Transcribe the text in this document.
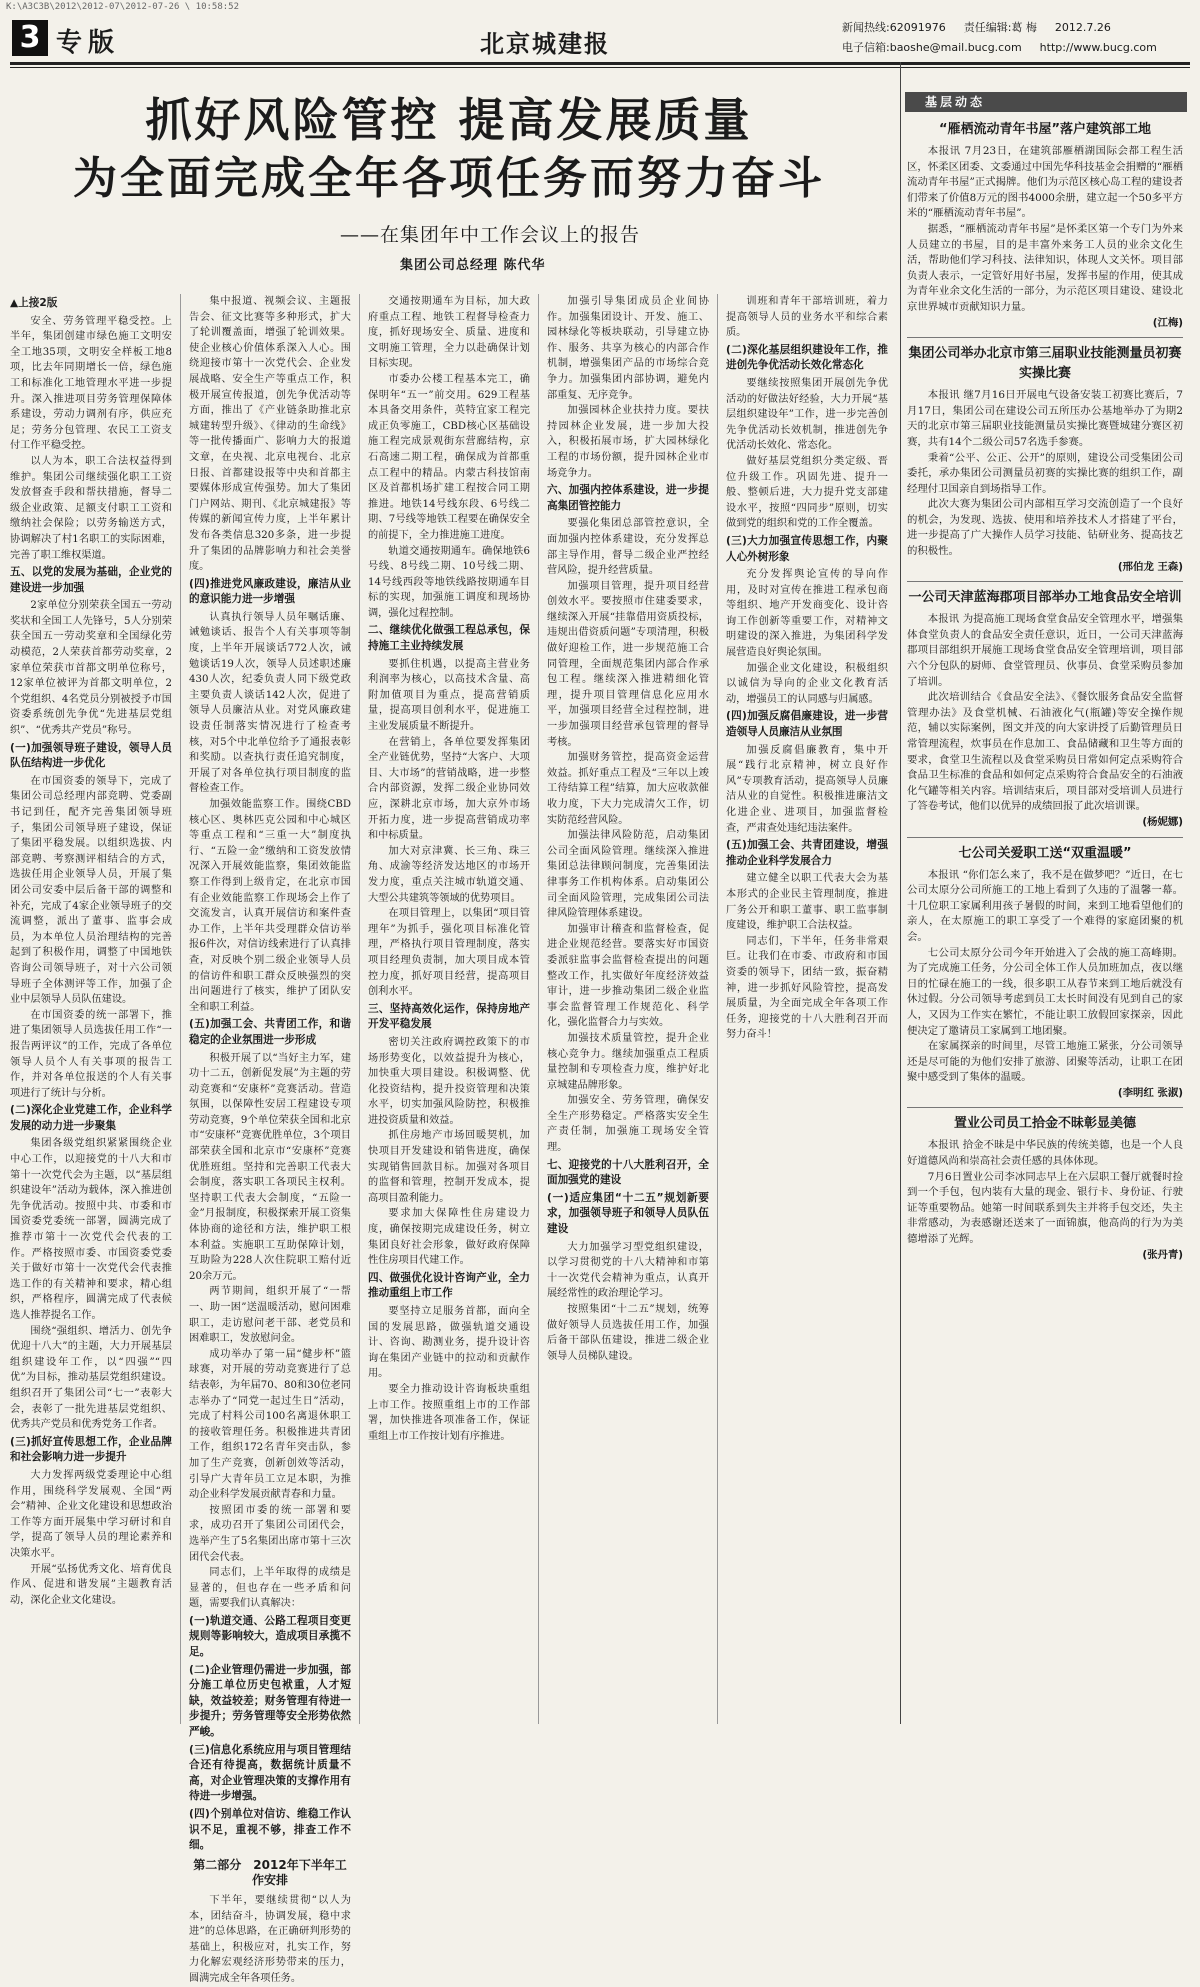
K:\A3C3B\2012\2012-07\2012-07-26 \ 10:58:52
3 专版	北京城建报
新闻热线:62091976 责任编辑:葛 梅 2012.7.26
电子信箱:baoshe@mail.bucg.com http://www.bucg.com
抓好风险管控 提高发展质量
为全面完成全年各项任务而努力奋斗
——在集团年中工作会议上的报告
集团公司总经理 陈代华
▲上接2版

安全、劳务管理平稳受控。上半年，集团创建市绿色施工文明安全工地35项，文明安全样板工地8项，比去年同期增长一倍，绿色施工和标准化工地管理水平进一步提升。深入推进项目劳务管理保障体系建设，劳动力调剂有序，供应充足；劳务分包管理、农民工工资支付工作平稳受控。

以人为本，职工合法权益得到维护。集团公司继续强化职工工资发放督查手段和帮扶措施，督导二级企业政策、足额支付职工工资和缴纳社会保险；以劳务输送方式，协调解决了村1名职工的实际困难，完善了职工维权渠道。

五、以党的发展为基础，企业党的建设进一步加强

2家单位分别荣获全国五一劳动奖状和全国工人先锋号，5人分别荣获全国五一劳动奖章和全国绿化劳动模范，2人荣获首都劳动奖章，2家单位荣获市首都文明单位称号，12家单位被评为首都文明单位，2个党组织、4名党员分别被授予市国资委系统创先争优“先进基层党组织”、“优秀共产党员”称号。

(一)加强领导班子建设，领导人员队伍结构进一步优化

在市国资委的领导下，完成了集团公司总经理内部竞聘、党委副书记到任，配齐完善集团领导班子，集团公司领导班子建设，保证了集团平稳发展。以组织选拔、内部竞聘、考察测评相结合的方式，选拔任用企业领导人员，开展了集团公司安委中层后备干部的调整和补充，完成了4家企业领导班子的交流调整，派出了董事、监事会成员，为本单位人员治理结构的完善起到了积极作用，调整了中国地铁咨询公司领导班子，对十六公司领导班子全体测评等工作，加强了企业中层领导人员队伍建设。

在市国资委的统一部署下，推进了集团领导人员选拔任用工作“一报告两评议”的工作，完成了各单位领导人员个人有关事项的报告工作，并对各单位报送的个人有关事项进行了统计与分析。

(二)深化企业党建工作，企业科学发展的动力进一步聚集

集团各级党组织紧紧围绕企业中心工作，以迎接党的十八大和市第十一次党代会为主题，以“基层组织建设年”活动为载体，深入推进创先争优活动。按照中共、市委和市国资委党委统一部署，圆满完成了推荐市第十一次党代会代表的工作。严格按照市委、市国资委党委关于做好市第十一次党代会代表推选工作的有关精神和要求，精心组织，严格程序，圆满完成了代表候选人推荐提名工作。

围绕“强组织、增活力、创先争优迎十八大”的主题，大力开展基层组织建设年工作，以“四强”“四优”为目标，推动基层党组织建设。组织召开了集团公司“七一”表彰大会，表彰了一批先进基层党组织、优秀共产党员和优秀党务工作者。

(三)抓好宣传思想工作，企业品牌和社会影响力进一步提升

大力发挥两级党委理论中心组作用，围绕科学发展观、全国“两会”精神、企业文化建设和思想政治工作等方面开展集中学习研讨和自学，提高了领导人员的理论素养和决策水平。

开展“弘扬优秀文化、培育优良作风、促进和谐发展”主题教育活动，深化企业文化建设。

集中报道、视频会议、主题报告会、征文比赛等多种形式，扩大了轮训覆盖面，增强了轮训效果。使企业核心价值体系深入人心。围绕迎接市第十一次党代会、企业发展战略、安全生产等重点工作，积极开展宣传报道，创先争优活动等方面，推出了《产业链条助推北京城建转型升级》、《律动的生命线》等一批传播面广、影响力大的报道文章，在央视、北京电视台、北京日报、首都建设报等中央和首都主要媒体形成宣传强势。加大了集团门户网站、期刊、《北京城建报》等传媒的新闻宣传力度，上半年累计发布各类信息320多条，进一步提升了集团的品牌影响力和社会美誉度。

(四)推进党风廉政建设，廉洁从业的意识能力进一步增强

认真执行领导人员年嘱话廉、诫勉谈话、报告个人有关事项等制度，上半年开展谈话772人次，诫勉谈话19人次，领导人员述职述廉430人次，纪委负责人同下级党政主要负责人谈话142人次，促进了领导人员廉洁从业。对党风廉政建设责任制落实情况进行了检查考核，对5个中北单位给予了通报表彰和奖励。以查执行责任追究制度，开展了对各单位执行项目制度的监督检查工作。

加强效能监察工作。围绕CBD核心区、奥林匹克公园和中心城区等重点工程和“三重一大”制度执行、“五险一金”缴纳和工资发放情况深入开展效能监察，集团效能监察工作得到上级肯定，在北京市国有企业效能监察工作现场会上作了交流发言，认真开展信访和案件查办工作，上半年共受理群众信访举报6件次，对信访线索进行了认真排查，对反映个别二级企业领导人员的信访件和职工群众反映强烈的突出问题进行了核实，维护了团队安全和职工利益。

(五)加强工会、共青团工作，和谐稳定的企业氛围进一步形成

积极开展了以“当好主力军，建功十二五，创新促发展”为主题的劳动竞赛和“安康杯”竞赛活动。营造氛围，以保障性安居工程建设专项劳动竞赛，9个单位荣获全国和北京市“安康杯”竞赛优胜单位，3个项目部荣获全国和北京市“安康杯”竞赛优胜班组。坚持和完善职工代表大会制度，落实职工各项民主权利。坚持职工代表大会制度，“五险一金”月报制度，积极探索开展工资集体协商的途径和方法，维护职工根本利益。实施职工互助保障计划，互助险为228人次住院职工赔付近20余万元。

两节期间，组织开展了“一帮一、助一困”送温暖活动，慰问困难职工，走访慰问老干部、老党员和困难职工，发放慰问金。

成功举办了第一届“健步杯”篮球赛，对开展的劳动竞赛进行了总结表彰，为年届70、80和30位老同志举办了“同党一起过生日”活动，完成了村料公司100名离退休职工的接收管理任务。积极推进共青团工作，组织172名青年突击队，参加了生产竞赛，创新创效等活动，引导广大青年员工立足本职，为推动企业科学发展贡献青春和力量。

按照团市委的统一部署和要求，成功召开了集团公司团代会，选举产生了5名集团出席市第十三次团代会代表。

同志们，上半年取得的成绩是显著的，但也存在一些矛盾和问题，需要我们认真解决：

(一)轨道交通、公路工程项目变更规则等影响较大，造成项目承揽不足。
(二)企业管理仍需进一步加强，部分施工单位历史包袱重，人才短缺，效益较差；财务管理有待进一步提升；劳务管理等安全形势依然严峻。
(三)信息化系统应用与项目管理结合还有待提高，数据统计质量不高，对企业管理决策的支撑作用有待进一步增强。
(四)个别单位对信访、维稳工作认识不足，重视不够，排查工作不细。
第二部分　2012年下半年工作安排

下半年，要继续贯彻“以人为本，团结奋斗，协调发展，稳中求进”的总体思路，在正确研判形势的基础上，积极应对，扎实工作，努力化解宏观经济形势带来的压力，圆满完成全年各项任务。

交通按期通车为目标，加大政府重点工程、地铁工程督导检查力度，抓好现场安全、质量、进度和文明施工管理，全力以赴确保计划目标实现。

市委办公楼工程基本完工，确保明年“五一”前交用。629工程基本具备交用条件，英特宜家工程完成正负零施工，CBD核心区基础设施工程完成景观街东营廊结构，京石高速二期工程，确保成为首都重点工程中的精品。内蒙古科技馆南区及首都机场扩建工程按合同工期推进。地铁14号线东段、6号线二期、7号线等地铁工程要在确保安全的前提下，全力推进施工进度。

轨道交通按期通车。确保地铁6号线、8号线二期、10号线二期、14号线西段等地铁线路按期通车目标的实现，加强施工调度和现场协调，强化过程控制。

二、继续优化做强工程总承包，保持施工主业持续发展

要抓住机遇，以提高主营业务利润率为核心，以高技术含量、高附加值项目为重点，提高营销质量，提高项目创利水平，促进施工主业发展质量不断提升。

在营销上，各单位要发挥集团全产业链优势，坚持“大客户、大项目、大市场”的营销战略，进一步整合内部资源，发挥二级企业协同效应，深耕北京市场，加大京外市场开拓力度，进一步提高营销成功率和中标质量。

加大对京津冀、长三角、珠三角、成渝等经济发达地区的市场开发力度，重点关注城市轨道交通、大型公共建筑等领域的优势项目。

在项目管理上，以集团“项目管理年”为抓手，强化项目标准化管理，严格执行项目管理制度，落实项目经理负责制，加大项目成本管控力度，抓好项目经营，提高项目创利水平。

三、坚持高效化运作，保持房地产开发平稳发展

密切关注政府调控政策下的市场形势变化，以效益提升为核心，加快重大项目建设。积极调整、优化投资结构，提升投资管理和决策水平，切实加强风险防控，积极推进投资质量和效益。

抓住房地产市场回暖契机，加快项目开发建设和销售进度，确保实现销售回款目标。加强对各项目的监督和管理，控制开发成本，提高项目盈利能力。

要求加大保障性住房建设力度，确保按期完成建设任务，树立集团良好社会形象，做好政府保障性住房项目代建工作。

四、做强优化设计咨询产业，全力推动重组上市工作

要坚持立足服务首都，面向全国的发展思路，做强轨道交通设计、咨询、勘测业务，提升设计咨询在集团产业链中的拉动和贡献作用。

要全力推动设计咨询板块重组上市工作。按照重组上市的工作部署，加快推进各项准备工作，保证重组上市工作按计划有序推进。

加强引导集团成员企业间协作。加强集团设计、开发、施工、园林绿化等板块联动，引导建立协作、服务、共享为核心的内部合作机制，增强集团产品的市场综合竞争力。加强集团内部协调，避免内部重复、无序竞争。

加强园林企业扶持力度。要扶持园林企业发展，进一步加大投入，积极拓展市场，扩大园林绿化工程的市场份额，提升园林企业市场竞争力。

六、加强内控体系建设，进一步提高集团管控能力

要强化集团总部管控意识，全面加强内控体系建设，充分发挥总部主导作用，督导二级企业严控经营风险，提升经营质量。

加强项目管理，提升项目经营创效水平。要按照市住建委要求，继续深入开展“挂靠借用资质投标，违规出借资质问题”专项清理，积极做好迎检工作，进一步规范施工合同管理，全面规范集团内部合作承包工程。继续深入推进精细化管理，提升项目管理信息化应用水平，加强项目经营全过程控制，进一步加强项目经营承包管理的督导考核。

加强财务管控，提高资金运营效益。抓好重点工程及“三年以上竣工待结算工程”结算，加大应收款催收力度，下大力完成清欠工作，切实防范经营风险。

加强法律风险防范，启动集团公司全面风险管理。继续深入推进集团总法律顾问制度，完善集团法律事务工作机构体系。启动集团公司全面风险管理，完成集团公司法律风险管理体系建设。

加强审计稽查和监督检查，促进企业规范经营。要落实好市国资委派驻监事会监督检查提出的问题整改工作，扎实做好年度经济效益审计，进一步推动集团二级企业监事会监督管理工作规范化、科学化，强化监督合力与实效。

加强技术质量管控，提升企业核心竞争力。继续加强重点工程质量控制和专项检查力度，维护好北京城建品牌形象。

加强安全、劳务管理，确保安全生产形势稳定。严格落实安全生产责任制，加强施工现场安全管理。

七、迎接党的十八大胜利召开，全面加强党的建设
(一)适应集团“十二五”规划新要求，加强领导班子和领导人员队伍建设

大力加强学习型党组织建设，以学习贯彻党的十八大精神和市第十一次党代会精神为重点，认真开展经常性的政治理论学习。

按照集团“十二五”规划，统筹做好领导人员选拔任用工作，加强后备干部队伍建设，推进二级企业领导人员梯队建设。

训班和青年干部培训班，着力提高领导人员的业务水平和综合素质。

(二)深化基层组织建设年工作，推进创先争优活动长效化常态化

要继续按照集团开展创先争优活动的好做法好经验，大力开展“基层组织建设年”工作，进一步完善创先争优活动长效机制，推进创先争优活动长效化、常态化。

做好基层党组织分类定级、晋位升级工作。巩固先进、提升一般、整顿后进，大力提升党支部建设水平，按照“四同步”原则，切实做到党的组织和党的工作全覆盖。

(三)大力加强宣传思想工作，内聚人心外树形象

充分发挥舆论宣传的导向作用，及时对宣传在推进工程承包商等组织、地产开发商变化、设计咨询工作创新等重要工作，对精神文明建设的深入推进，为集团科学发展营造良好舆论氛围。

加强企业文化建设，积极组织以诚信为导向的企业文化教育活动，增强员工的认同感与归属感。

(四)加强反腐倡廉建设，进一步营造领导人员廉洁从业氛围

加强反腐倡廉教育，集中开展“践行北京精神，树立良好作风”专项教育活动，提高领导人员廉洁从业的自觉性。积极推进廉洁文化进企业、进项目，加强监督检查，严肃查处违纪违法案件。

(五)加强工会、共青团建设，增强推动企业科学发展合力

建立健全以职工代表大会为基本形式的企业民主管理制度，推进厂务公开和职工董事、职工监事制度建设，维护职工合法权益。

同志们，下半年，任务非常艰巨。让我们在市委、市政府和市国资委的领导下，团结一致，振奋精神，进一步抓好风险管控，提高发展质量，为全面完成全年各项工作任务，迎接党的十八大胜利召开而努力奋斗！

基层动态
“雁栖流动青年书屋”落户建筑部工地

本报讯 7月23日，在建筑部雁栖湖国际会都工程生活区，怀柔区团委、文委通过中国先华科技基金会捐赠的“雁栖流动青年书屋”正式揭牌。他们为示范区核心岛工程的建设者们带来了价值8万元的图书4000余册，建立起一个50多平方米的“雁栖流动青年书屋”。

据悉，“雁栖流动青年书屋”是怀柔区第一个专门为外来人员建立的书屋，目的是丰富外来务工人员的业余文化生活，帮助他们学习科技、法律知识，体现人文关怀。项目部负责人表示，一定管好用好书屋，发挥书屋的作用，使其成为青年业余文化生活的一部分，为示范区项目建设、建设北京世界城市贡献知识力量。

(江梅)
集团公司举办北京市第三届职业技能测量员初赛实操比赛

本报讯 继7月16日开展电气设备安装工初赛比赛后，7月17日，集团公司在建设公司五所压办公基地举办了为期2天的北京市第三届职业技能测量员实操比赛暨城建分赛区初赛，共有14个二级公司57名选手参赛。

秉着“公平、公正、公开”的原则，建设公司受集团公司委托，承办集团公司测量员初赛的实操比赛的组织工作，副经理付卫国亲自到场指导工作。

此次大赛为集团公司内部相互学习交流创造了一个良好的机会，为发现、选拔、使用和培养技术人才搭建了平台，进一步提高了广大操作人员学习技能、钻研业务、提高技艺的积极性。

(邢伯龙 王森)
一公司天津蓝海郡项目部举办工地食品安全培训

本报讯 为提高施工现场食堂食品安全管理水平，增强集体食堂负责人的食品安全责任意识，近日，一公司天津蓝海郡项目部组织开展施工现场食堂食品安全管理培训，项目部六个分包队的厨师、食堂管理员、伙事员、食堂采购员参加了培训。

此次培训结合《食品安全法》、《餐饮服务食品安全监督管理办法》及食堂机械、石油液化气(瓶罐)等安全操作规范，辅以实际案例，图文并茂的向大家讲授了后勤管理员日常管理流程，炊事员在作息加工、食品储藏和卫生等方面的要求，食堂卫生流程以及食堂采购员日常如何定点采购符合食品卫生标准的食品和如何定点采购符合食品安全的石油液化气罐等相关内容。培训结束后，项目部对受培训人员进行了答卷考试，他们以优异的成绩回报了此次培训课。

(杨妮娜)
七公司关爱职工送“双重温暖”

本报讯 “你们怎么来了，我不是在做梦吧？”近日，在七公司太原分公司所施工的工地上看到了久违的了温馨一幕。十几位职工家属利用孩子暑假的时间，来到工地看望他们的亲人，在太原施工的职工享受了一个难得的家庭团聚的机会。

七公司太原分公司今年开始进入了会战的施工高峰期。为了完成施工任务，分公司全体工作人员加班加点，夜以继日的忙碌在施工的一线，很多职工从春节来到工地后就没有休过假。分公司领导考虑到员工太长时间没有见到自己的家人，又因为工作实在繁忙，不能让职工放假回家探亲，因此便决定了邀请员工家属到工地团聚。

在家属探亲的时间里，尽管工地施工紧张，分公司领导还是尽可能的为他们安排了旅游、团聚等活动，让职工在团聚中感受到了集体的温暖。

(李明红 张淑)
置业公司员工拾金不昧彰显美德

本报讯 拾金不昧是中华民族的传统美德，也是一个人良好道德风尚和崇高社会责任感的具体体现。

7月6日置业公司李冰同志早上在六层职工餐厅就餐时捡到一个手包，包内装有大量的现金、银行卡、身份证、行驶证等重要物品。她第一时间联系到失主并将手包交还，失主非常感动，为表感谢还送来了一面锦旗，他高尚的行为为美德增添了光辉。

(张丹青)
